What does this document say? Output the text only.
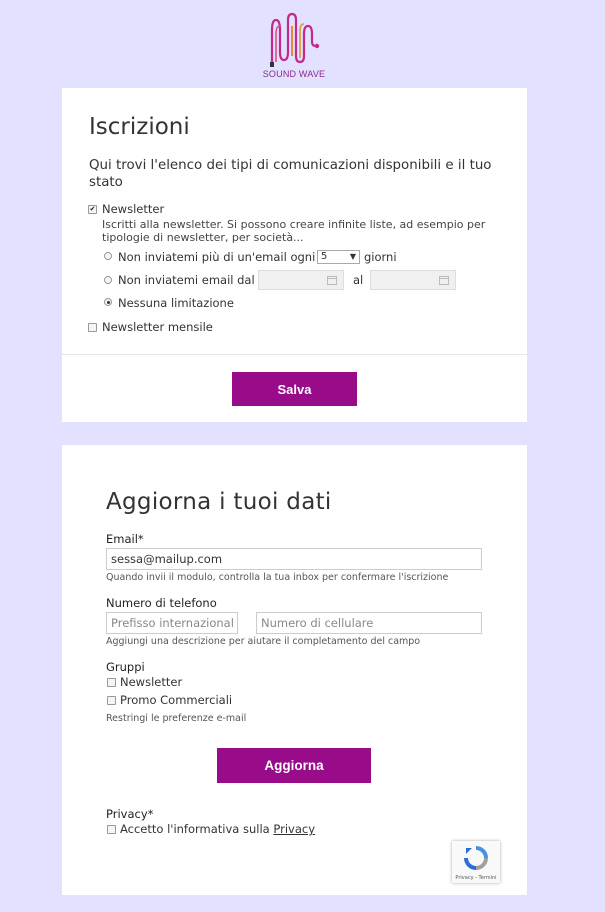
SOUND WAVE
Iscrizioni
Qui trovi l'elenco dei tipi di comunicazioni disponibili e il tuo stato
✔ Newsletter
Iscritti alla newsletter. Si possono creare infinite liste, ad esempio per tipologie di newsletter, per società...
Non inviatemi più di un'email ogni 5	▼ giorni
Non inviatemi email dal	al
Nessuna limitazione
Newsletter mensile
Salva
Aggiorna i tuoi dati
Email*
sessa@mailup.com
Quando invii il modulo, controlla la tua inbox per confermare l'iscrizione
Numero di telefono
Prefisso internazional	Numero di cellulare
Aggiungi una descrizione per aiutare il completamento del campo
Gruppi
Newsletter
Promo Commerciali
Restringi le preferenze e-mail
Aggiorna
Privacy*
Accetto l'informativa sulla Privacy
Privacy - Termini
